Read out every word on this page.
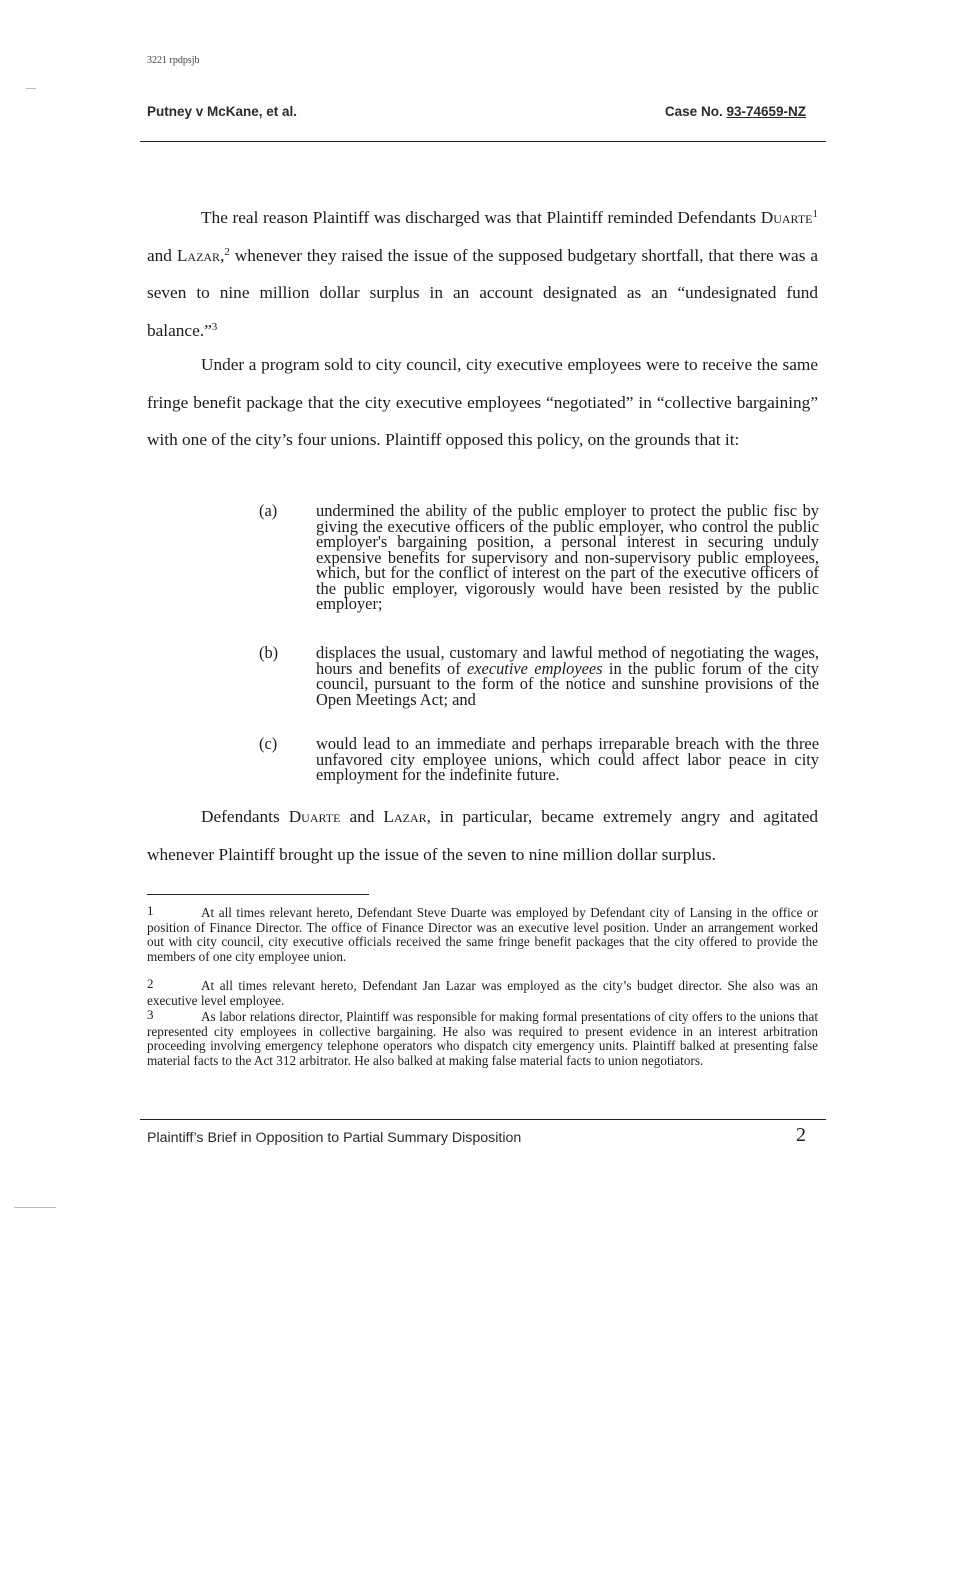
3221 rpdpsjb
Putney v McKane, et al.	Case No. 93-74659-NZ
The real reason Plaintiff was discharged was that Plaintiff reminded Defendants Duarte$^1$ and Lazar,$^2$ whenever they raised the issue of the supposed budgetary shortfall, that there was a seven to nine million dollar surplus in an account designated as an “undesignated fund balance.”$^3$
Under a program sold to city council, city executive employees were to receive the same fringe benefit package that the city executive employees “negotiated” in “collective bargaining” with one of the city’s four unions. Plaintiff opposed this policy, on the grounds that it:
(a)	undermined the ability of the public employer to protect the public fisc by giving the executive officers of the public employer, who control the public employer's bargaining position, a personal interest in securing unduly expensive benefits for supervisory and non-supervisory public employees, which, but for the conflict of interest on the part of the executive officers of the public employer, vigorously would have been resisted by the public employer;
(b)	displaces the usual, customary and lawful method of negotiating the wages, hours and benefits of executive employees in the public forum of the city council, pursuant to the form of the notice and sunshine provisions of the Open Meetings Act; and
(c)	would lead to an immediate and perhaps irreparable breach with the three unfavored city employee unions, which could affect labor peace in city employment for the indefinite future.
Defendants Duarte and Lazar, in particular, became extremely angry and agitated whenever Plaintiff brought up the issue of the seven to nine million dollar surplus.
1	At all times relevant hereto, Defendant Steve Duarte was employed by Defendant city of Lansing in the office or position of Finance Director. The office of Finance Director was an executive level position. Under an arrangement worked out with city council, city executive officials received the same fringe benefit packages that the city offered to provide the members of one city employee union.
2	At all times relevant hereto, Defendant Jan Lazar was employed as the city’s budget director. She also was an executive level employee.
3	As labor relations director, Plaintiff was responsible for making formal presentations of city offers to the unions that represented city employees in collective bargaining. He also was required to present evidence in an interest arbitration proceeding involving emergency telephone operators who dispatch city emergency units. Plaintiff balked at presenting false material facts to the Act 312 arbitrator. He also balked at making false material facts to union negotiators.
Plaintiff’s Brief in Opposition to Partial Summary Disposition	2
